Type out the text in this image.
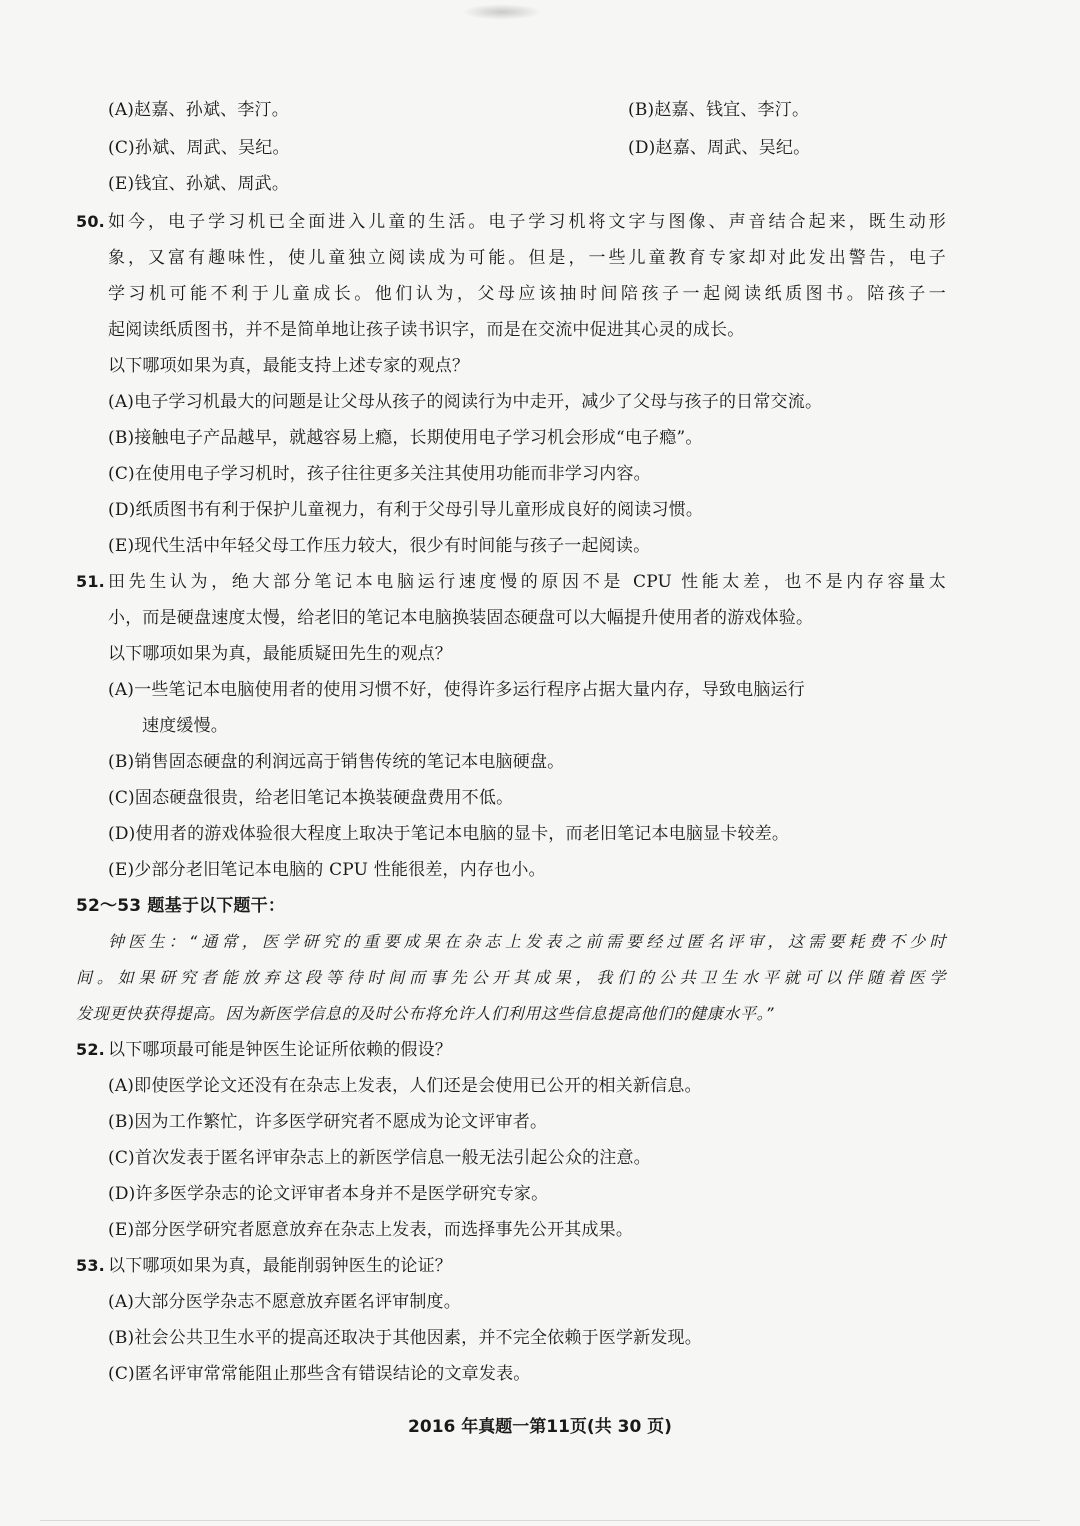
(A)赵嘉、孙斌、李汀。	(B)赵嘉、钱宜、李汀。
(C)孙斌、周武、吴纪。	(D)赵嘉、周武、吴纪。
(E)钱宜、孙斌、周武。
50. 如今，电子学习机已全面进入儿童的生活。电子学习机将文字与图像、声音结合起来，既生动形
象，又富有趣味性，使儿童独立阅读成为可能。但是，一些儿童教育专家却对此发出警告，电子
学习机可能不利于儿童成长。他们认为，父母应该抽时间陪孩子一起阅读纸质图书。陪孩子一
起阅读纸质图书，并不是简单地让孩子读书识字，而是在交流中促进其心灵的成长。
以下哪项如果为真，最能支持上述专家的观点？
(A)电子学习机最大的问题是让父母从孩子的阅读行为中走开，减少了父母与孩子的日常交流。
(B)接触电子产品越早，就越容易上瘾，长期使用电子学习机会形成“电子瘾”。
(C)在使用电子学习机时，孩子往往更多关注其使用功能而非学习内容。
(D)纸质图书有利于保护儿童视力，有利于父母引导儿童形成良好的阅读习惯。
(E)现代生活中年轻父母工作压力较大，很少有时间能与孩子一起阅读。
51. 田先生认为，绝大部分笔记本电脑运行速度慢的原因不是 CPU 性能太差，也不是内存容量太
小，而是硬盘速度太慢，给老旧的笔记本电脑换装固态硬盘可以大幅提升使用者的游戏体验。
以下哪项如果为真，最能质疑田先生的观点？
(A)一些笔记本电脑使用者的使用习惯不好，使得许多运行程序占据大量内存，导致电脑运行
速度缓慢。
(B)销售固态硬盘的利润远高于销售传统的笔记本电脑硬盘。
(C)固态硬盘很贵，给老旧笔记本换装硬盘费用不低。
(D)使用者的游戏体验很大程度上取决于笔记本电脑的显卡，而老旧笔记本电脑显卡较差。
(E)少部分老旧笔记本电脑的 CPU 性能很差，内存也小。
52～53 题基于以下题干：
钟医生：“通常，医学研究的重要成果在杂志上发表之前需要经过匿名评审，这需要耗费不少时
间。如果研究者能放弃这段等待时间而事先公开其成果，我们的公共卫生水平就可以伴随着医学
发现更快获得提高。因为新医学信息的及时公布将允许人们利用这些信息提高他们的健康水平。”
52. 以下哪项最可能是钟医生论证所依赖的假设？
(A)即使医学论文还没有在杂志上发表，人们还是会使用已公开的相关新信息。
(B)因为工作繁忙，许多医学研究者不愿成为论文评审者。
(C)首次发表于匿名评审杂志上的新医学信息一般无法引起公众的注意。
(D)许多医学杂志的论文评审者本身并不是医学研究专家。
(E)部分医学研究者愿意放弃在杂志上发表，而选择事先公开其成果。
53. 以下哪项如果为真，最能削弱钟医生的论证？
(A)大部分医学杂志不愿意放弃匿名评审制度。
(B)社会公共卫生水平的提高还取决于其他因素，并不完全依赖于医学新发现。
(C)匿名评审常常能阻止那些含有错误结论的文章发表。
2016 年真题一第11页(共 30 页)
